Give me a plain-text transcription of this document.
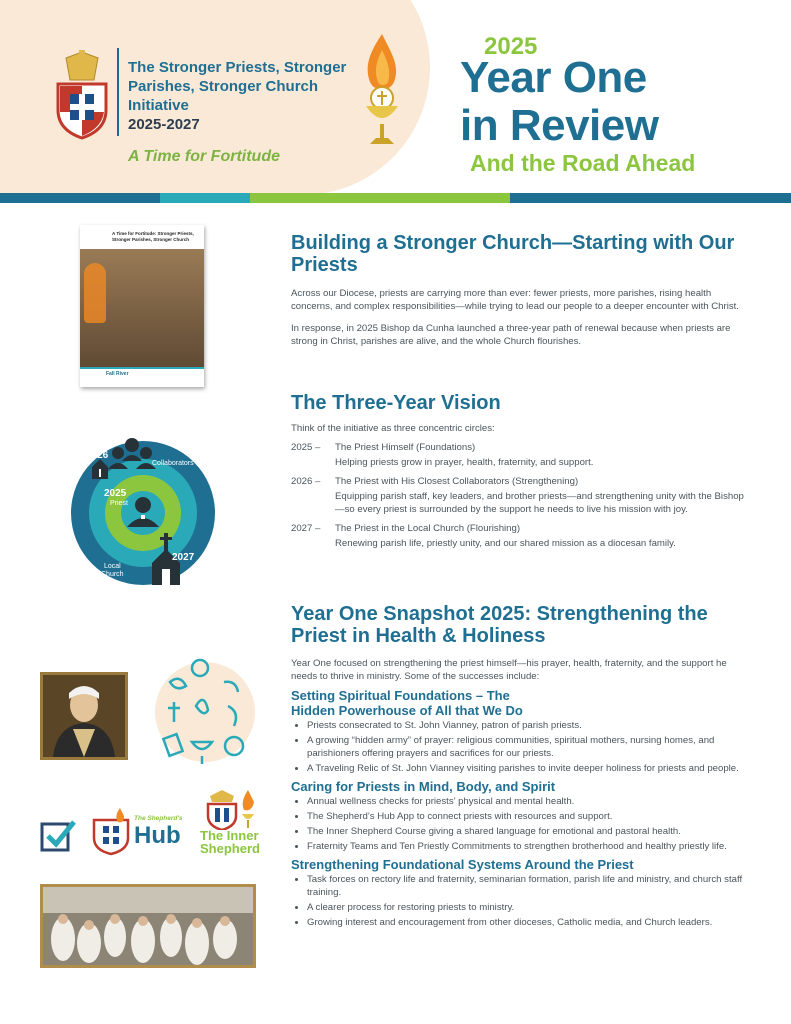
The Stronger Priests, Stronger Parishes, Stronger Church Initiative
2025-2027
A Time for Fortitude
2025
Year One
in Review
And the Road Ahead
A Time for Fortitude: Stronger Priests, Stronger Parishes, Stronger Church
Fall River
2026
Collaborators
2025
Priest
2027
Local
Church
The Shepherd's
Hub The Inner
Shepherd
Building a Stronger Church—Starting with Our Priests

Across our Diocese, priests are carrying more than ever: fewer priests, more parishes, rising health concerns, and complex responsibilities—while trying to lead our people to a deeper encounter with Christ.

In response, in 2025 Bishop da Cunha launched a three-year path of renewal because when priests are strong in Christ, parishes are alive, and the whole Church flourishes.

The Three-Year Vision

Think of the initiative as three concentric circles:

2025 –	The Priest Himself (Foundations)
Helping priests grow in prayer, health, fraternity, and support.
2026 –	The Priest with His Closest Collaborators (Strengthening)
Equipping parish staff, key leaders, and brother priests—and strengthening unity with the Bishop—so every priest is surrounded by the support he needs to live his mission with joy.
2027 –	The Priest in the Local Church (Flourishing)
Renewing parish life, priestly unity, and our shared mission as a diocesan family.
Year One Snapshot 2025: Strengthening the Priest in Health & Holiness

Year One focused on strengthening the priest himself—his prayer, health, fraternity, and the support he needs to thrive in ministry. Some of the successes include:

Setting Spiritual Foundations – The Hidden Powerhouse of All that We Do
• Priests consecrated to St. John Vianney, patron of parish priests.
• A growing “hidden army” of prayer: religious communities, spiritual mothers, nursing homes, and parishioners offering prayers and sacrifices for our priests.
• A Traveling Relic of St. John Vianney visiting parishes to invite deeper holiness for priests and people.
Caring for Priests in Mind, Body, and Spirit
• Annual wellness checks for priests’ physical and mental health.
• The Shepherd’s Hub App to connect priests with resources and support.
• The Inner Shepherd Course giving a shared language for emotional and pastoral health.
• Fraternity Teams and Ten Priestly Commitments to strengthen brotherhood and healthy priestly life.
Strengthening Foundational Systems Around the Priest
• Task forces on rectory life and fraternity, seminarian formation, parish life and ministry, and church staff training.
• A clearer process for restoring priests to ministry.
• Growing interest and encouragement from other dioceses, Catholic media, and Church leaders.
